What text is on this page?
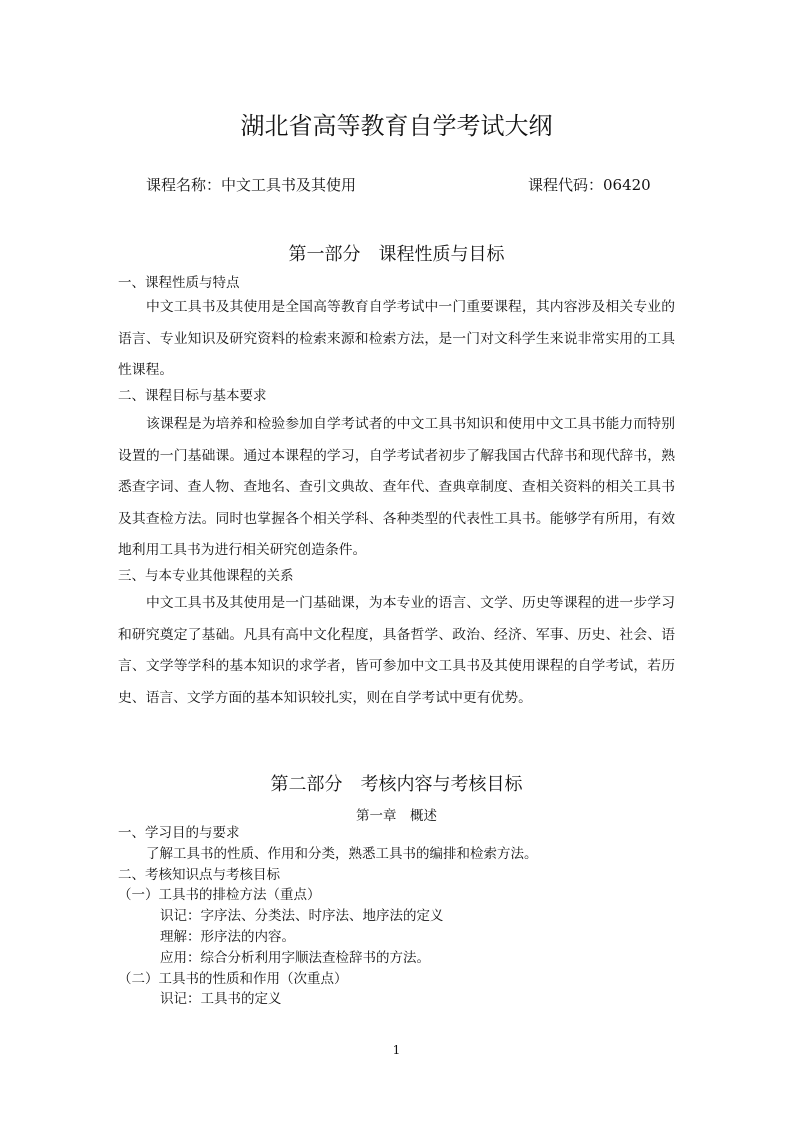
湖北省高等教育自学考试大纲
课程名称：中文工具书及其使用	课程代码：06420
第一部分　课程性质与目标
一、课程性质与特点
中文工具书及其使用是全国高等教育自学考试中一门重要课程，其内容涉及相关专业的语言、专业知识及研究资料的检索来源和检索方法，是一门对文科学生来说非常实用的工具性课程。
二、课程目标与基本要求
该课程是为培养和检验参加自学考试者的中文工具书知识和使用中文工具书能力而特别设置的一门基础课。通过本课程的学习，自学考试者初步了解我国古代辞书和现代辞书，熟悉查字词、查人物、查地名、查引文典故、查年代、查典章制度、查相关资料的相关工具书及其查检方法。同时也掌握各个相关学科、各种类型的代表性工具书。能够学有所用，有效地利用工具书为进行相关研究创造条件。
三、与本专业其他课程的关系
中文工具书及其使用是一门基础课，为本专业的语言、文学、历史等课程的进一步学习和研究奠定了基础。凡具有高中文化程度，具备哲学、政治、经济、军事、历史、社会、语言、文学等学科的基本知识的求学者，皆可参加中文工具书及其使用课程的自学考试，若历史、语言、文学方面的基本知识较扎实，则在自学考试中更有优势。
第二部分　考核内容与考核目标
第一章　概述
一、学习目的与要求
了解工具书的性质、作用和分类，熟悉工具书的编排和检索方法。
二、考核知识点与考核目标
（一）工具书的排检方法（重点）
识记：字序法、分类法、时序法、地序法的定义
理解：形序法的内容。
应用：综合分析利用字顺法查检辞书的方法。
（二）工具书的性质和作用（次重点）
识记：工具书的定义
1
